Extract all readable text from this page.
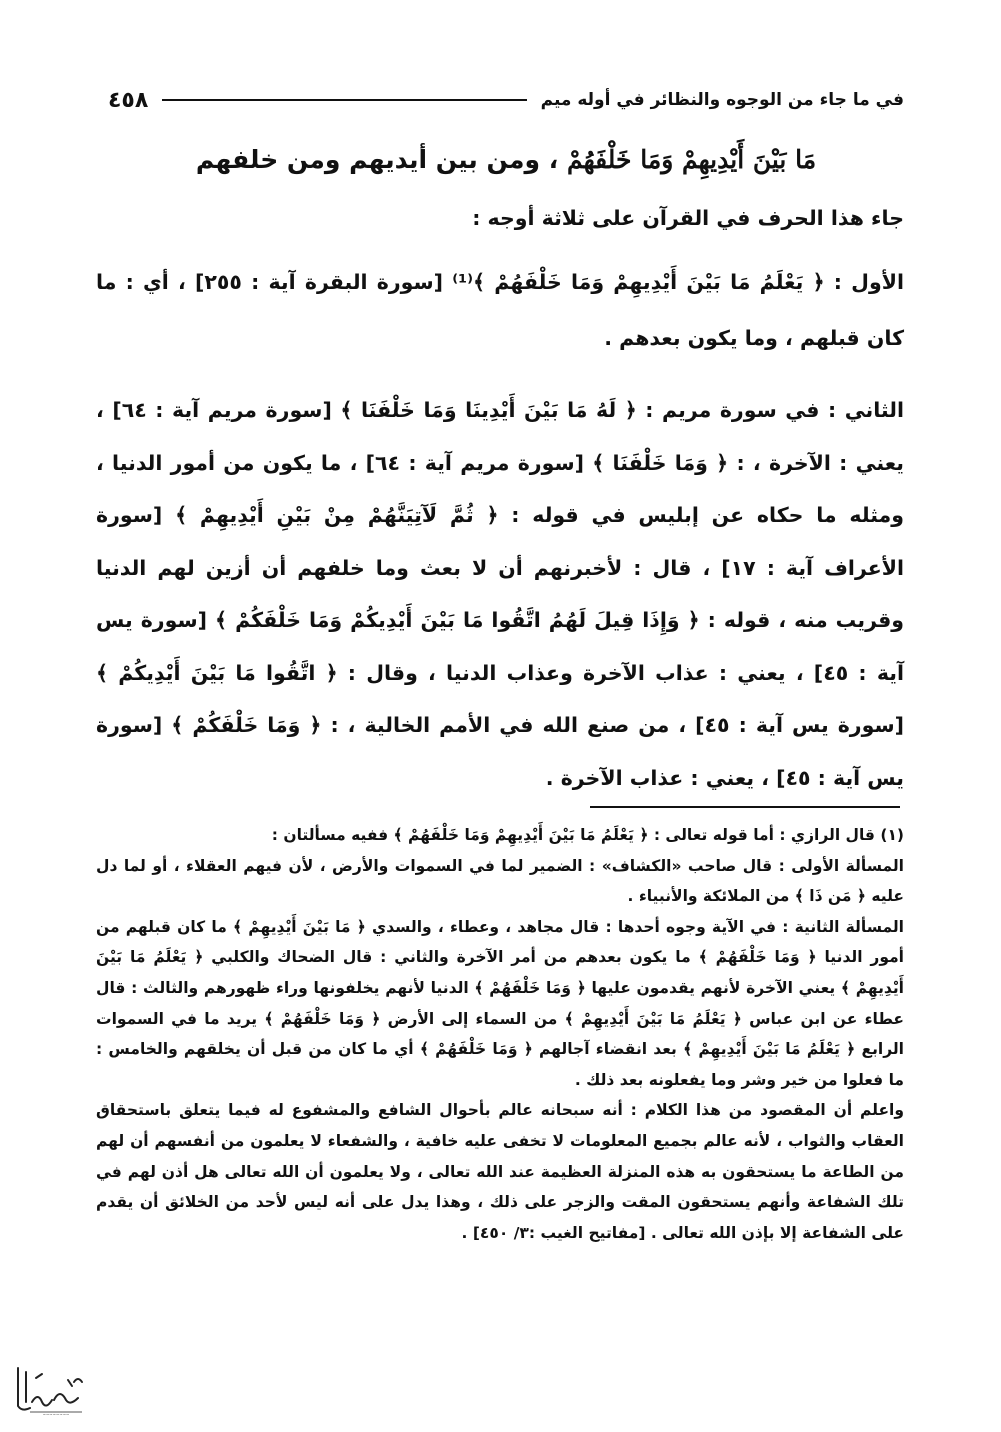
في ما جاء من الوجوه والنظائر في أوله ميم
٤٥٨
مَا بَيْنَ أَيْدِيهِمْ وَمَا خَلْفَهُمْ ، ومن بين أيديهم ومن خلفهم

جاء هذا الحرف في القرآن على ثلاثة أوجه :

الأول : ﴿ يَعْلَمُ مَا بَيْنَ أَيْدِيهِمْ وَمَا خَلْفَهُمْ ﴾⁽¹⁾ [سورة البقرة آية : ٢٥٥] ، أي : ما كان قبلهم ، وما يكون بعدهم .

الثاني : في سورة مريم : ﴿ لَهُ مَا بَيْنَ أَيْدِينَا وَمَا خَلْفَنَا ﴾ [سورة مريم آية : ٦٤] ، يعني : الآخرة ، : ﴿ وَمَا خَلْفَنَا ﴾ [سورة مريم آية : ٦٤] ، ما يكون من أمور الدنيا ، ومثله ما حكاه عن إبليس في قوله : ﴿ ثُمَّ لَآتِيَنَّهُمْ مِنْ بَيْنِ أَيْدِيهِمْ ﴾ [سورة الأعراف آية : ١٧] ، قال : لأخبرنهم أن لا بعث وما خلفهم أن أزين لهم الدنيا وقريب منه ، قوله : ﴿ وَإِذَا قِيلَ لَهُمُ اتَّقُوا مَا بَيْنَ أَيْدِيكُمْ وَمَا خَلْفَكُمْ ﴾ [سورة يس آية : ٤٥] ، يعني : عذاب الآخرة وعذاب الدنيا ، وقال : ﴿ اتَّقُوا مَا بَيْنَ أَيْدِيكُمْ ﴾ [سورة يس آية : ٤٥] ، من صنع الله في الأمم الخالية ، : ﴿ وَمَا خَلْفَكُمْ ﴾ [سورة يس آية : ٤٥] ، يعني : عذاب الآخرة .

(١) قال الرازي : أما قوله تعالى : ﴿ يَعْلَمُ مَا بَيْنَ أَيْدِيهِمْ وَمَا خَلْفَهُمْ ﴾ ففيه مسألتان :

المسألة الأولى : قال صاحب «الكشاف» : الضمير لما في السموات والأرض ، لأن فيهم العقلاء ، أو لما دل عليه ﴿ مَن ذَا ﴾ من الملائكة والأنبياء .

المسألة الثانية : في الآية وجوه أحدها : قال مجاهد ، وعطاء ، والسدي ﴿ مَا بَيْنَ أَيْدِيهِمْ ﴾ ما كان قبلهم من أمور الدنيا ﴿ وَمَا خَلْفَهُمْ ﴾ ما يكون بعدهم من أمر الآخرة والثاني : قال الضحاك والكلبي ﴿ يَعْلَمُ مَا بَيْنَ أَيْدِيهِمْ ﴾ يعني الآخرة لأنهم يقدمون عليها ﴿ وَمَا خَلْفَهُمْ ﴾ الدنيا لأنهم يخلفونها وراء ظهورهم والثالث : قال عطاء عن ابن عباس ﴿ يَعْلَمُ مَا بَيْنَ أَيْدِيهِمْ ﴾ من السماء إلى الأرض ﴿ وَمَا خَلْفَهُمْ ﴾ يريد ما في السموات الرابع ﴿ يَعْلَمُ مَا بَيْنَ أَيْدِيهِمْ ﴾ بعد انقضاء آجالهم ﴿ وَمَا خَلْفَهُمْ ﴾ أي ما كان من قبل أن يخلقهم والخامس : ما فعلوا من خير وشر وما يفعلونه بعد ذلك .

واعلم أن المقصود من هذا الكلام : أنه سبحانه عالم بأحوال الشافع والمشفوع له فيما يتعلق باستحقاق العقاب والثواب ، لأنه عالم بجميع المعلومات لا تخفى عليه خافية ، والشفعاء لا يعلمون من أنفسهم أن لهم من الطاعة ما يستحقون به هذه المنزلة العظيمة عند الله تعالى ، ولا يعلمون أن الله تعالى هل أذن لهم في تلك الشفاعة وأنهم يستحقون المقت والزجر على ذلك ، وهذا يدل على أنه ليس لأحد من الخلائق أن يقدم على الشفاعة إلا بإذن الله تعالى . [مفاتيح الغيب :٣/ ٤٥٠] .

~~~~~~~~
